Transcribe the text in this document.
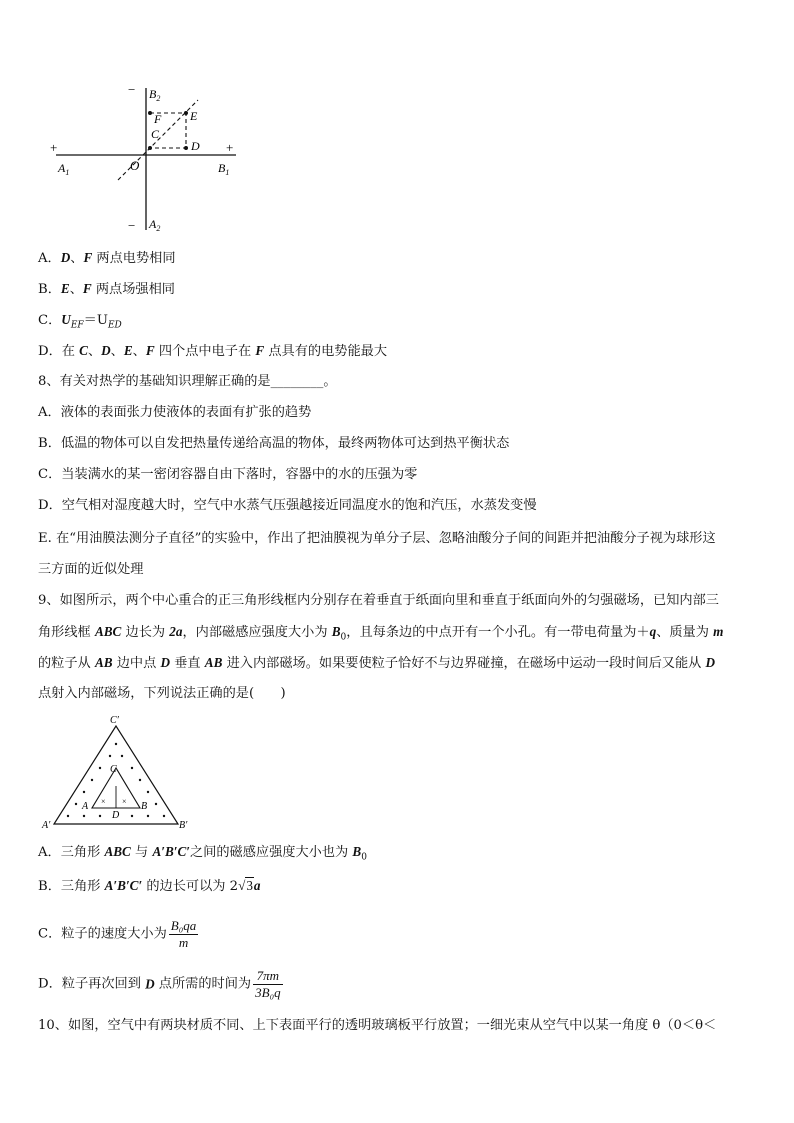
$B_2$
−
F
C
E
D
O
+	+
$A_1$	$B_1$
− $A_2$
A．D、F 两点电势相同
B．E、F 两点场强相同
C．$U_{EF}=U_{ED}$
D．在 C、D、E、F 四个点中电子在 F 点具有的电势能最大
8、有关对热学的基础知识理解正确的是________。
A．液体的表面张力使液体的表面有扩张的趋势
B．低温的物体可以自发把热量传递给高温的物体，最终两物体可达到热平衡状态
C．当装满水的某一密闭容器自由下落时，容器中的水的压强为零
D．空气相对湿度越大时，空气中水蒸气压强越接近同温度水的饱和汽压，水蒸发变慢
E. 在“用油膜法测分子直径”的实验中，作出了把油膜视为单分子层、忽略油酸分子间的间距并把油酸分子视为球形这
三方面的近似处理
9、如图所示，两个中心重合的正三角形线框内分别存在着垂直于纸面向里和垂直于纸面向外的匀强磁场，已知内部三
角形线框 ABC 边长为 2a，内部磁感应强度大小为 $B_0$，且每条边的中点开有一个小孔。有一带电荷量为＋q、质量为 m
的粒子从 AB 边中点 D 垂直 AB 进入内部磁场。如果要使粒子恰好不与边界碰撞，在磁场中运动一段时间后又能从 D
点射入内部磁场，下列说法正确的是(　　)
× ×
C′
A′	B′
C
A	B
D
A．三角形 ABC 与 A′B′C′之间的磁感应强度大小也为 $B_0$
B．三角形 A′B′C′ 的边长可以为 2√3a
C．粒子的速度大小为 $\frac{\text{B₀qa}}{m}$
D．粒子再次回到 D 点所需的时间为 $\frac{7\pi m}{\text{3B₀q}}$
10、如图，空气中有两块材质不同、上下表面平行的透明玻璃板平行放置；一细光束从空气中以某一角度 θ（0＜θ＜
